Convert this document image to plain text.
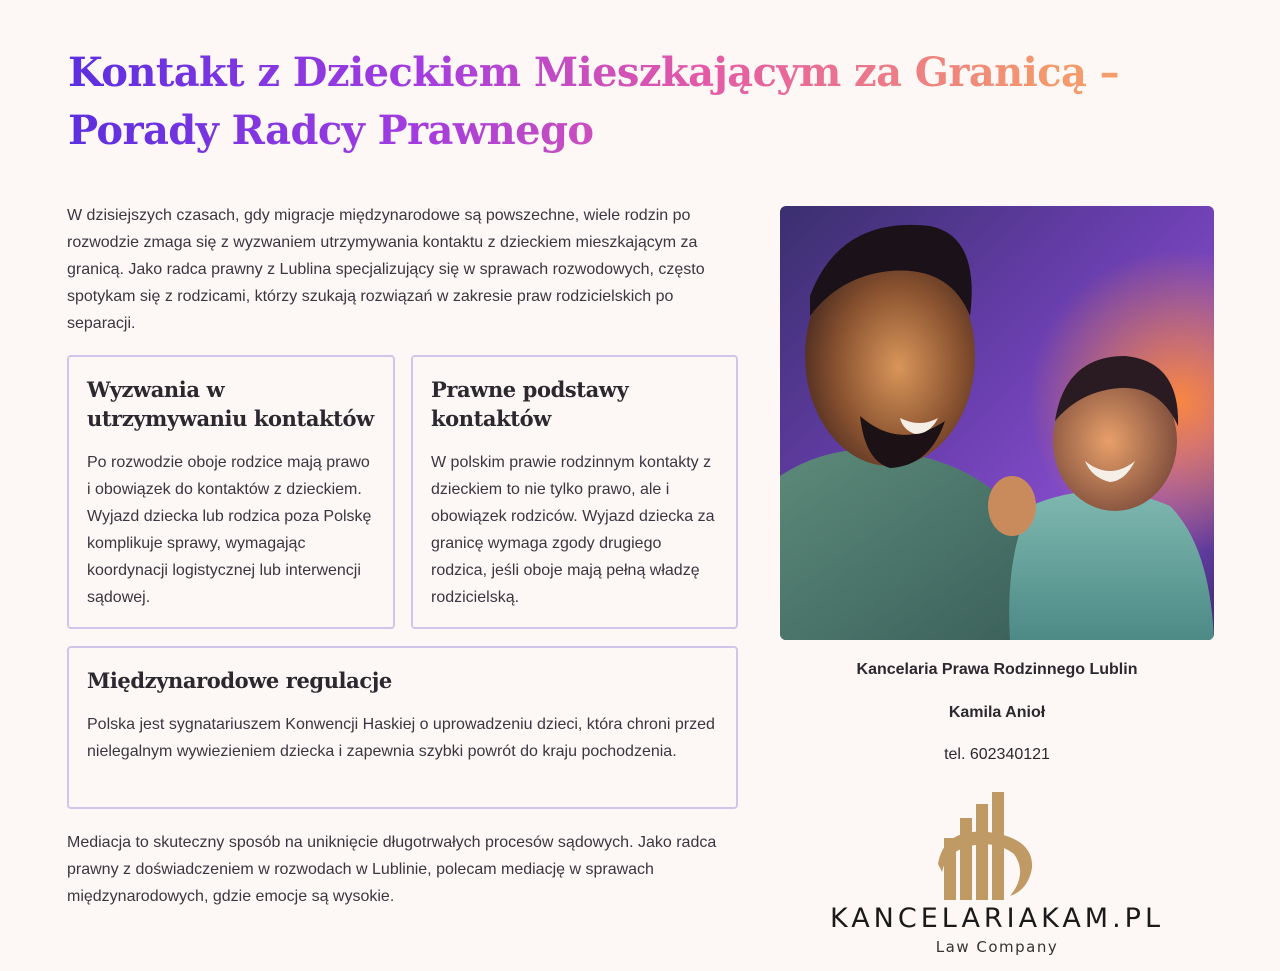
Kontakt z Dzieckiem Mieszkającym za Granicą – Porady Radcy Prawnego

W dzisiejszych czasach, gdy migracje międzynarodowe są powszechne, wiele rodzin po rozwodzie zmaga się z wyzwaniem utrzymywania kontaktu z dzieckiem mieszkającym za granicą. Jako radca prawny z Lublina specjalizujący się w sprawach rozwodowych, często spotykam się z rodzicami, którzy szukają rozwiązań w zakresie praw rodzicielskich po separacji.

Wyzwania w utrzymywaniu kontaktów

Po rozwodzie oboje rodzice mają prawo i obowiązek do kontaktów z dzieckiem. Wyjazd dziecka lub rodzica poza Polskę komplikuje sprawy, wymagając koordynacji logistycznej lub interwencji sądowej.

Prawne podstawy kontaktów

W polskim prawie rodzinnym kontakty z dzieckiem to nie tylko prawo, ale i obowiązek rodziców. Wyjazd dziecka za granicę wymaga zgody drugiego rodzica, jeśli oboje mają pełną władzę rodzicielską.

Międzynarodowe regulacje

Polska jest sygnatariuszem Konwencji Haskiej o uprowadzeniu dzieci, która chroni przed nielegalnym wywiezieniem dziecka i zapewnia szybki powrót do kraju pochodzenia.

Mediacja to skuteczny sposób na uniknięcie długotrwałych procesów sądowych. Jako radca prawny z doświadczeniem w rozwodach w Lublinie, polecam mediację w sprawach międzynarodowych, gdzie emocje są wysokie.

Kancelaria Prawa Rodzinnego Lublin

Kamila Anioł

tel. 602340121

KANCELARIAKAM.PL

Law Company
